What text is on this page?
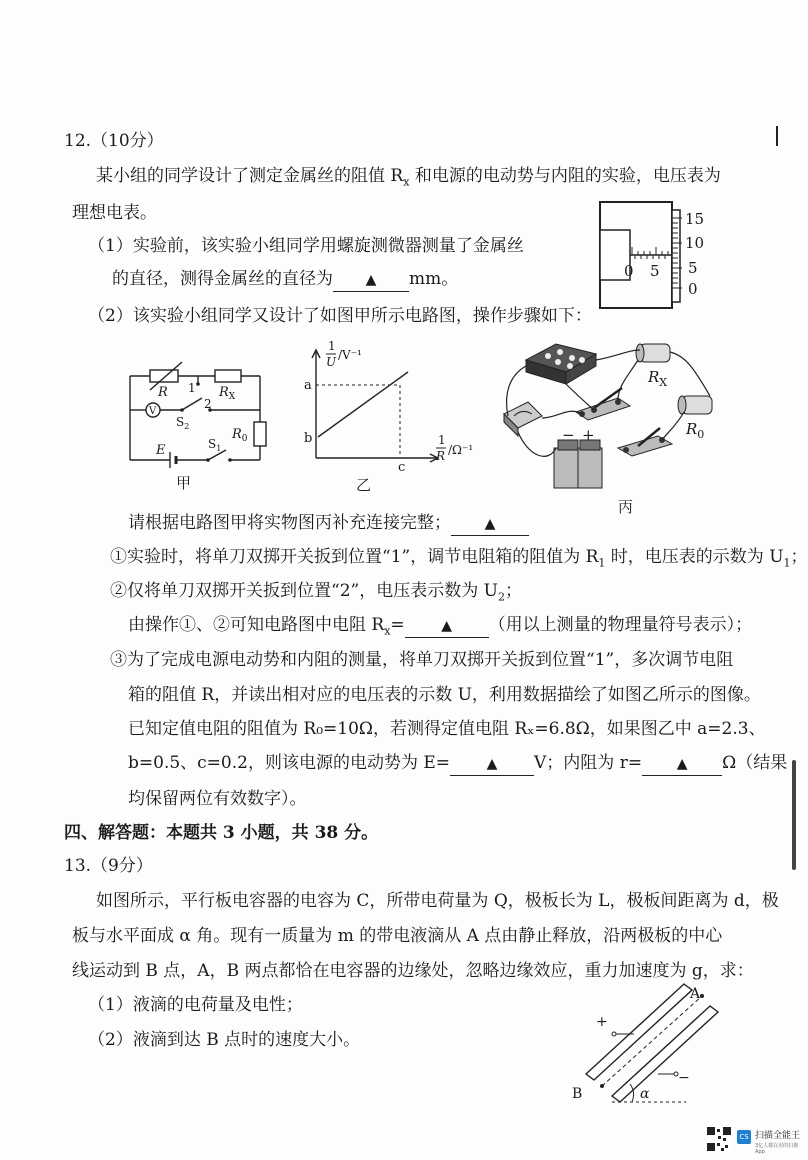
12.（10分）
某小组的同学设计了测定金属丝的阻值 $R_x$ 和电源的电动势与内阻的实验，电压表为
理想电表。
（1）实验前，该实验小组同学用螺旋测微器测量了金属丝
的直径，测得金属丝的直径为 ▲ mm。
（2）该实验小组同学又设计了如图甲所示电路图，操作步骤如下：
15
10
5
0
0 5
R 1
2
$R_X$
V
$S_2$
E	$S_1$
$R_0$
甲
1
U /V⁻¹
a
b
c
1
R /Ω⁻¹
乙
$R_X$
$R_0$
− +
丙
请根据电路图甲将实物图丙补充连接完整； ▲
①实验时，将单刀双掷开关扳到位置“1”，调节电阻箱的阻值为 $R_1$ 时，电压表的示数为 $U_1$；
②仅将单刀双掷开关扳到位置“2”，电压表示数为 $U_2$；
由操作①、②可知电路图中电阻 $R_x=$	▲ （用以上测量的物理量符号表示）；
③为了完成电源电动势和内阻的测量，将单刀双掷开关扳到位置“1”，多次调节电阻
箱的阻值 R，并读出相对应的电压表的示数 U，利用数据描绘了如图乙所示的图像。
已知定值电阻的阻值为 R₀=10Ω，若测得定值电阻 Rₓ=6.8Ω，如果图乙中 a=2.3、
b=0.5、c=0.2，则该电源的电动势为 E=	▲ V；内阻为 r= ▲ Ω（结果
均保留两位有效数字）。
四、解答题：本题共 3 小题，共 38 分。
13.（9分）
如图所示，平行板电容器的电容为 C，所带电荷量为 Q，极板长为 L，极板间距离为 d，极
板与水平面成 α 角。现有一质量为 m 的带电液滴从 A 点由静止释放，沿两极板的中心
线运动到 B 点，A，B 两点都恰在电容器的边缘处，忽略边缘效应，重力加速度为 g，求：
（1）液滴的电荷量及电性；
（2）液滴到达 B 点时的速度大小。
A
B
+
−
α
CS 扫描全能王
3亿人都在用的扫描App
